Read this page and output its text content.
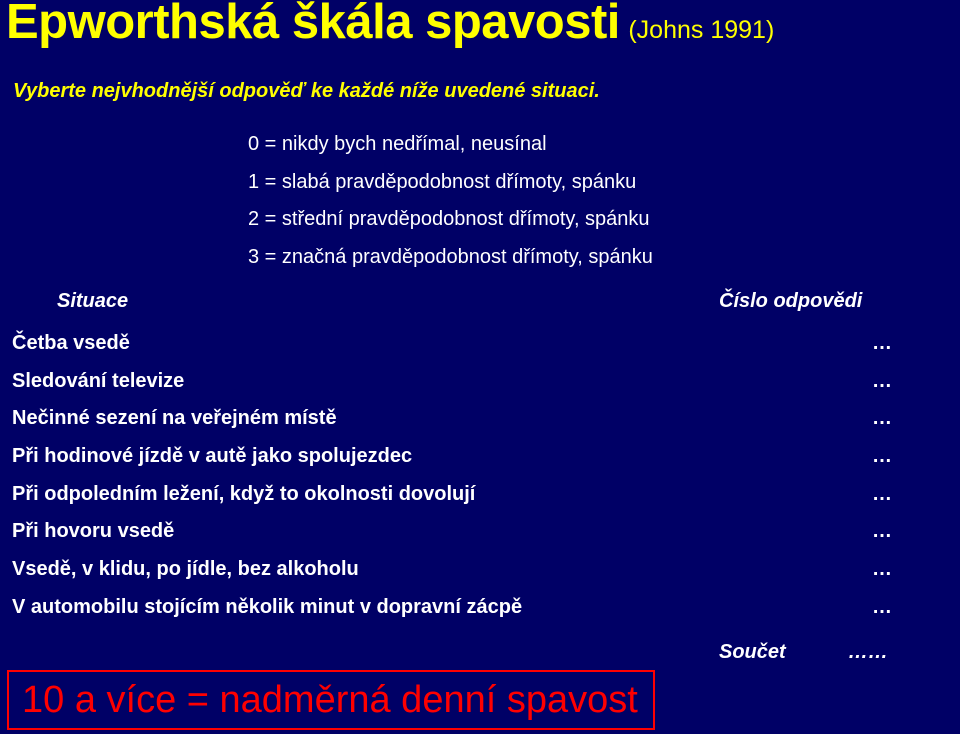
Epworthská škála spavosti (Johns 1991)
Vyberte nejvhodnější odpověď ke každé níže uvedené situaci.
0 = nikdy bych nedřímal, neusínal
1 = slabá pravděpodobnost dřímoty, spánku
2 = střední pravděpodobnost dřímoty, spánku
3 = značná pravděpodobnost dřímoty, spánku
Situace	Číslo odpovědi
Četba vsedě	…
Sledování televize	…
Nečinné sezení na veřejném místě	…
Při hodinové jízdě v autě jako spolujezdec	…
Při odpoledním ležení, když to okolnosti dovolují	…
Při hovoru vsedě	…
Vsedě, v klidu, po jídle, bez alkoholu	…
V automobilu stojícím několik minut v dopravní zácpě	…
Součet	……
10 a více = nadměrná denní spavost
